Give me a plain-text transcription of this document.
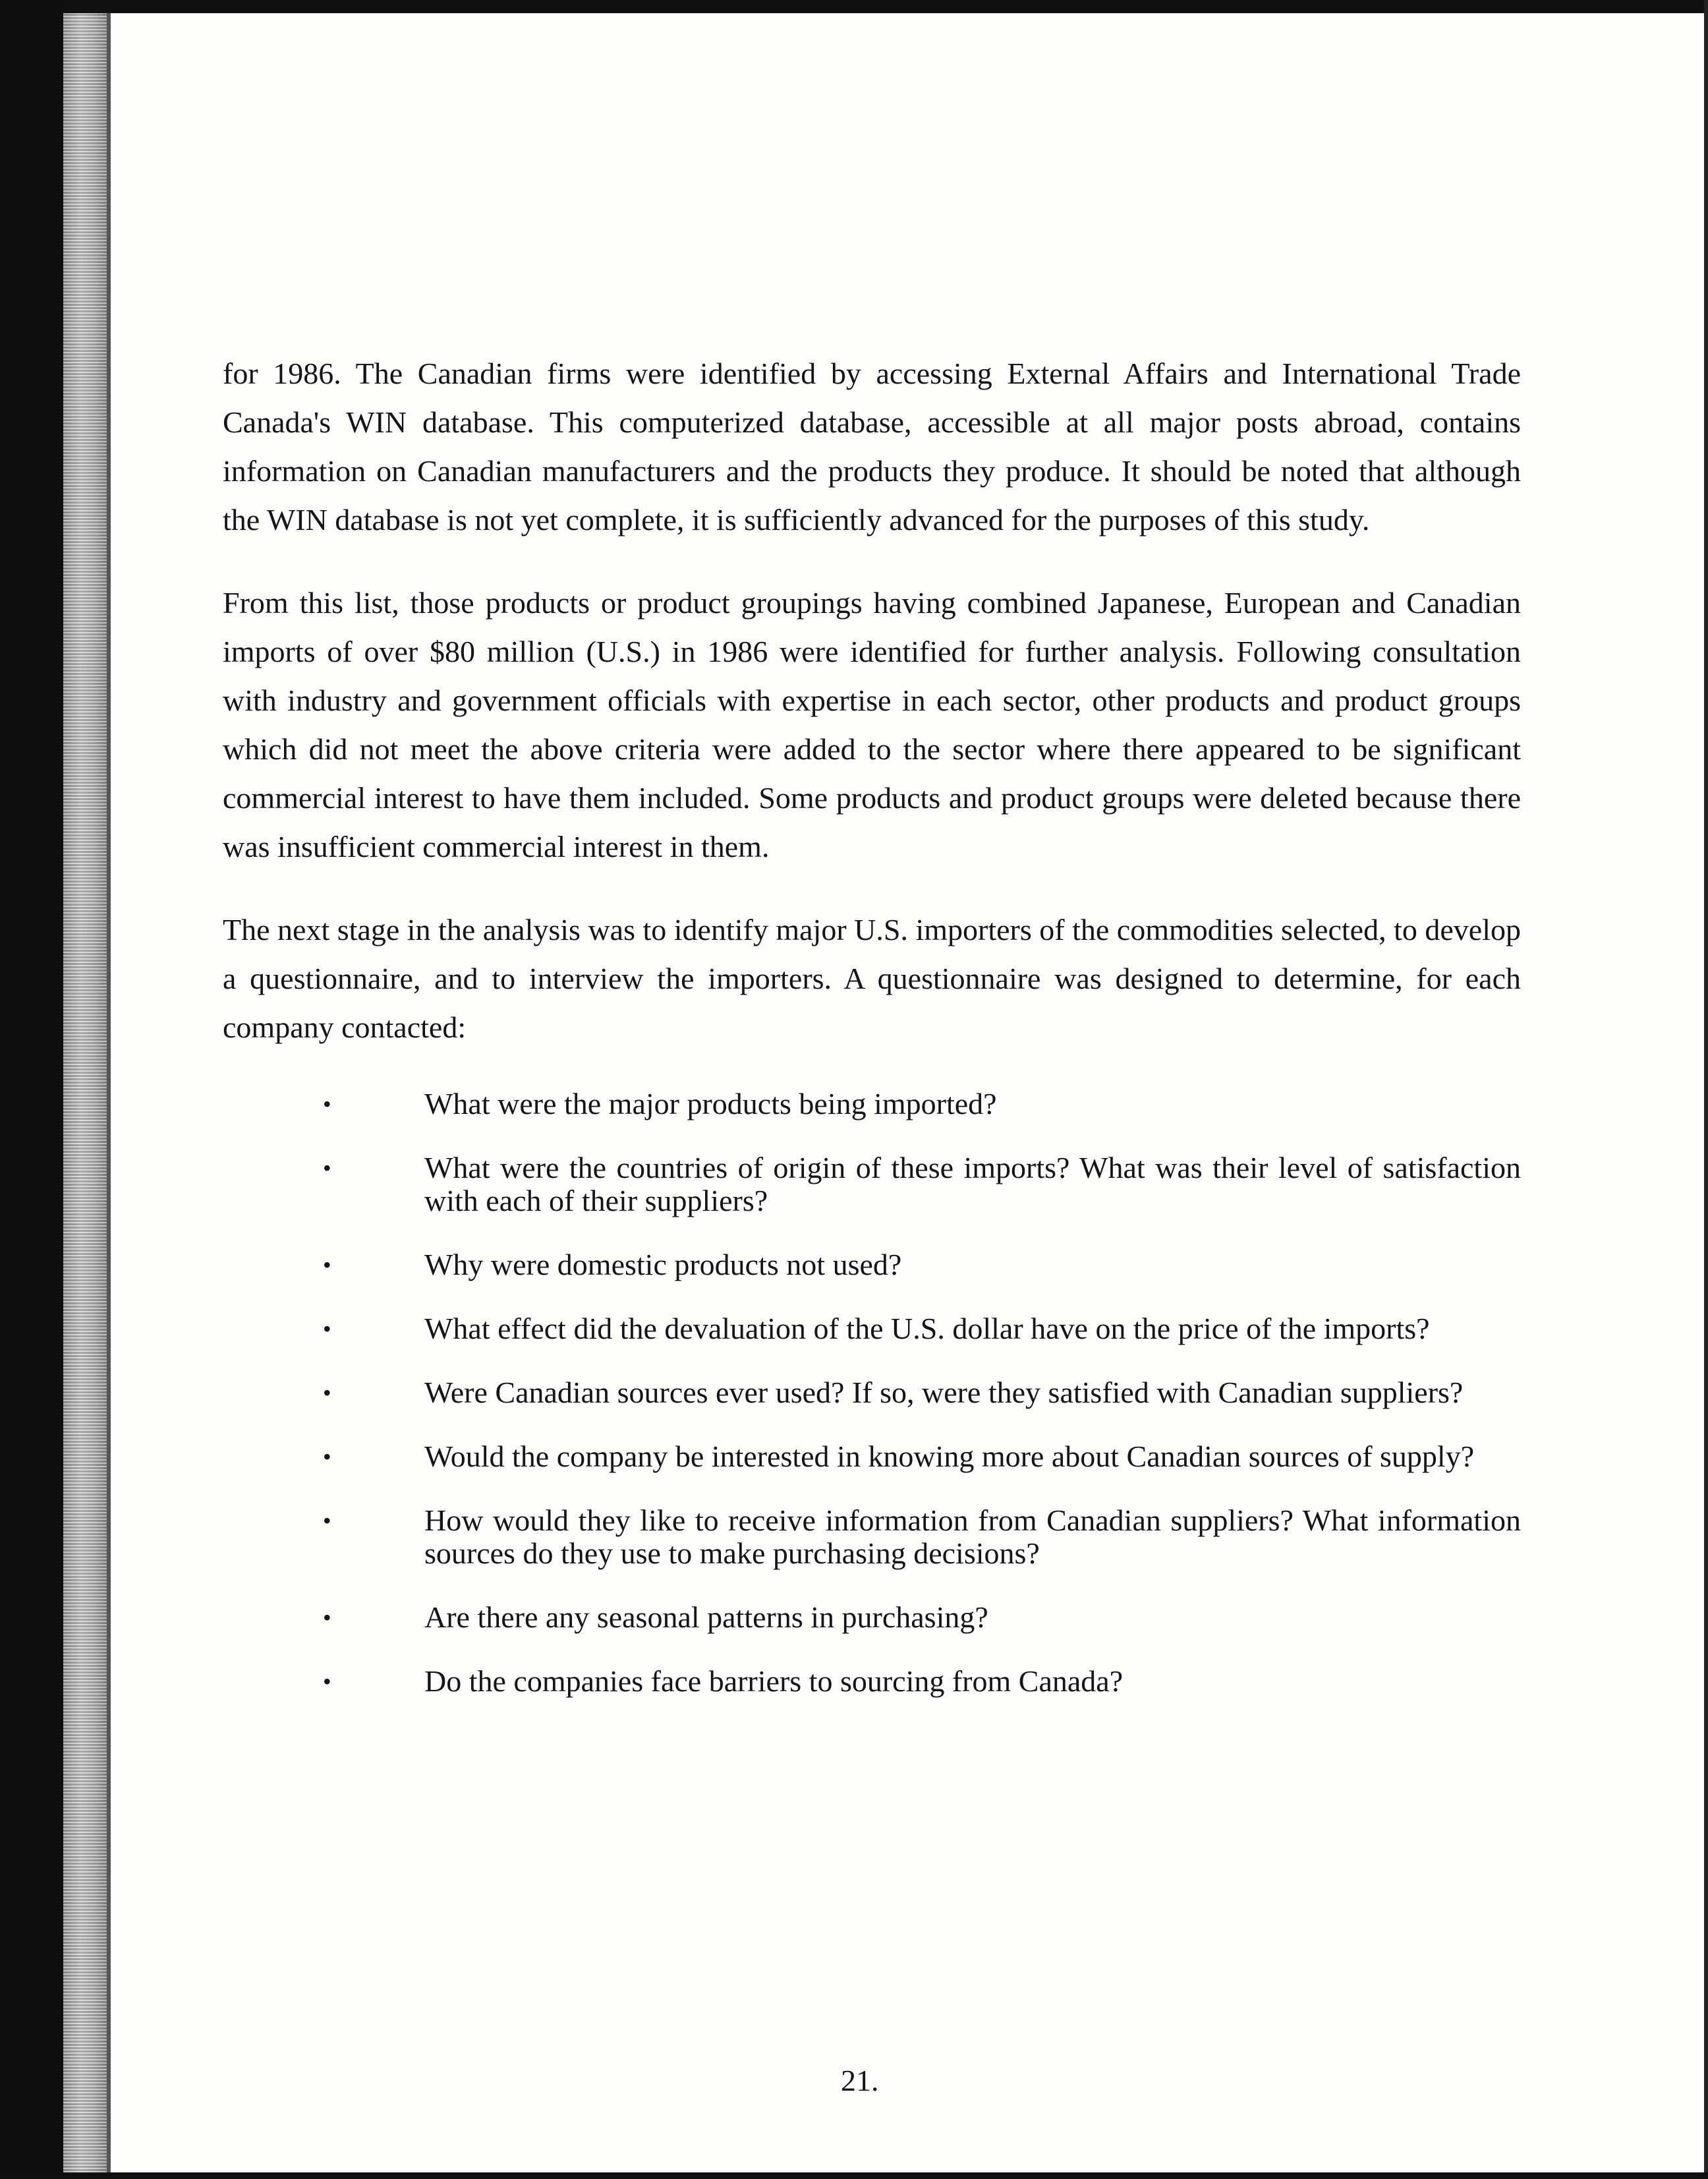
for 1986. The Canadian firms were identified by accessing External Affairs and International Trade Canada's WIN database. This computerized database, accessible at all major posts abroad, contains information on Canadian manufacturers and the products they produce. It should be noted that although the WIN database is not yet complete, it is sufficiently advanced for the purposes of this study.

From this list, those products or product groupings having combined Japanese, European and Canadian imports of over $80 million (U.S.) in 1986 were identified for further analysis. Following consultation with industry and government officials with expertise in each sector, other products and product groups which did not meet the above criteria were added to the sector where there appeared to be significant commercial interest to have them included. Some products and product groups were deleted because there was insufficient commercial interest in them.

The next stage in the analysis was to identify major U.S. importers of the commodities selected, to develop a questionnaire, and to interview the importers. A questionnaire was designed to determine, for each company contacted:

•	What were the major products being imported?
•	What were the countries of origin of these imports? What was their level of satisfaction with each of their suppliers?
•	Why were domestic products not used?
•	What effect did the devaluation of the U.S. dollar have on the price of the imports?
•	Were Canadian sources ever used? If so, were they satisfied with Canadian suppliers?
•	Would the company be interested in knowing more about Canadian sources of supply?
•	How would they like to receive information from Canadian suppliers? What information sources do they use to make purchasing decisions?
•	Are there any seasonal patterns in purchasing?
•	Do the companies face barriers to sourcing from Canada?
21.
